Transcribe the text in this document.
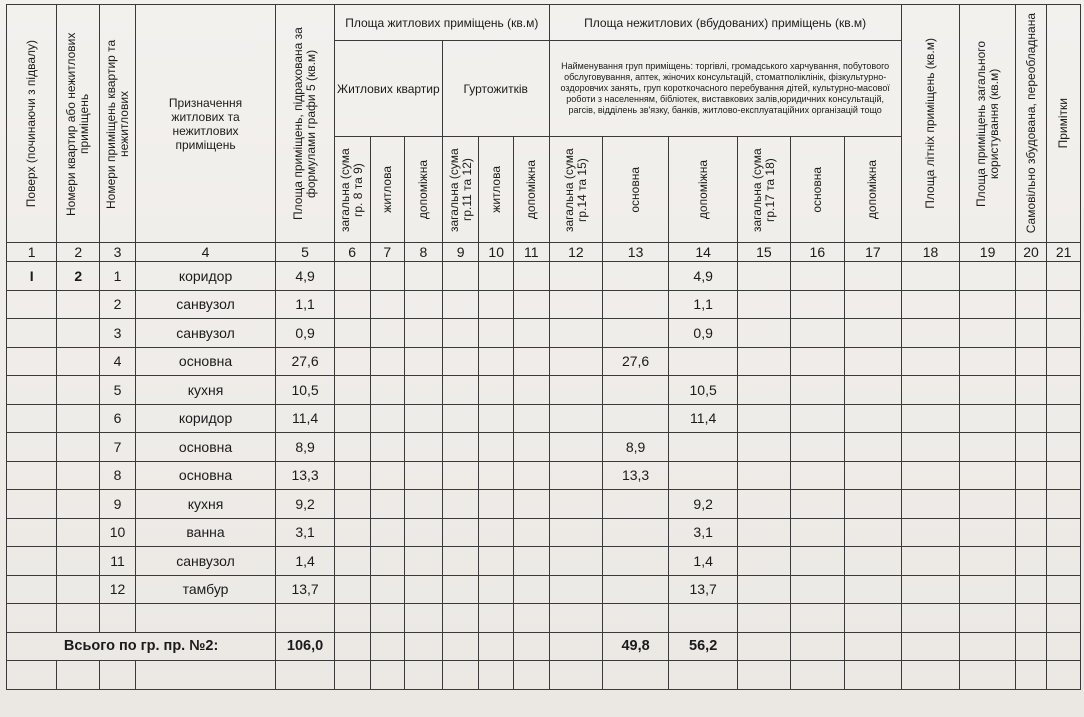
Поверх (починаючи з підвалу)	Номери квартир або нежитлових приміщень	Номери приміщень квартир та нежитлових	Призначення житлових та нежитлових приміщень	Площа приміщень, підрахована за формулами графи 5 (кв.м)	Площа житлових приміщень (кв.м)						Площа нежитлових (вбудованих) приміщень (кв.м)						Площа літніх приміщень (кв.м)	Площа приміщень загального користування (кв.м)	Самовільно збудована, переобладнана	Примітки

					Житлових квартир			Гуртожитків			Найменування груп приміщень: торгівлі, громадського харчування, побутового обслуговування, аптек, жіночих консультацій, стоматполіклінік, фізкультурно-оздоровчих занять, груп короткочасного перебування дітей, культурно-масової роботи з населенням, бібліотек, виставкових залів,юридичних консультацій, рагсів, відділень зв'язку, банків, житлово-експлуатаційних організацій тощо									

					загальна (сума гр. 8 та 9)	житлова	допоміжна	загальна (сума гр.11 та 12)	житлова	допоміжна	загальна (сума гр.14 та 15)	основна	допоміжна	загальна (сума гр.17 та 18)	основна	допоміжна				

1	2	3	4	5	6	7	8	9	10	11	12	13	14	15	16	17	18	19	20	21
І	2	1	коридор	4,9									4,9							
		2	санвузол	1,1									1,1							
		3	санвузол	0,9									0,9							
		4	основна	27,6								27,6								
		5	кухня	10,5									10,5							
		6	коридор	11,4									11,4							
		7	основна	8,9								8,9								
		8	основна	13,3								13,3								
		9	кухня	9,2									9,2							
		10	ванна	3,1									3,1							
		11	санвузол	1,4									1,4							
		12	тамбур	13,7									13,7							

Всього по гр. пр. №2:				106,0								49,8	56,2							
